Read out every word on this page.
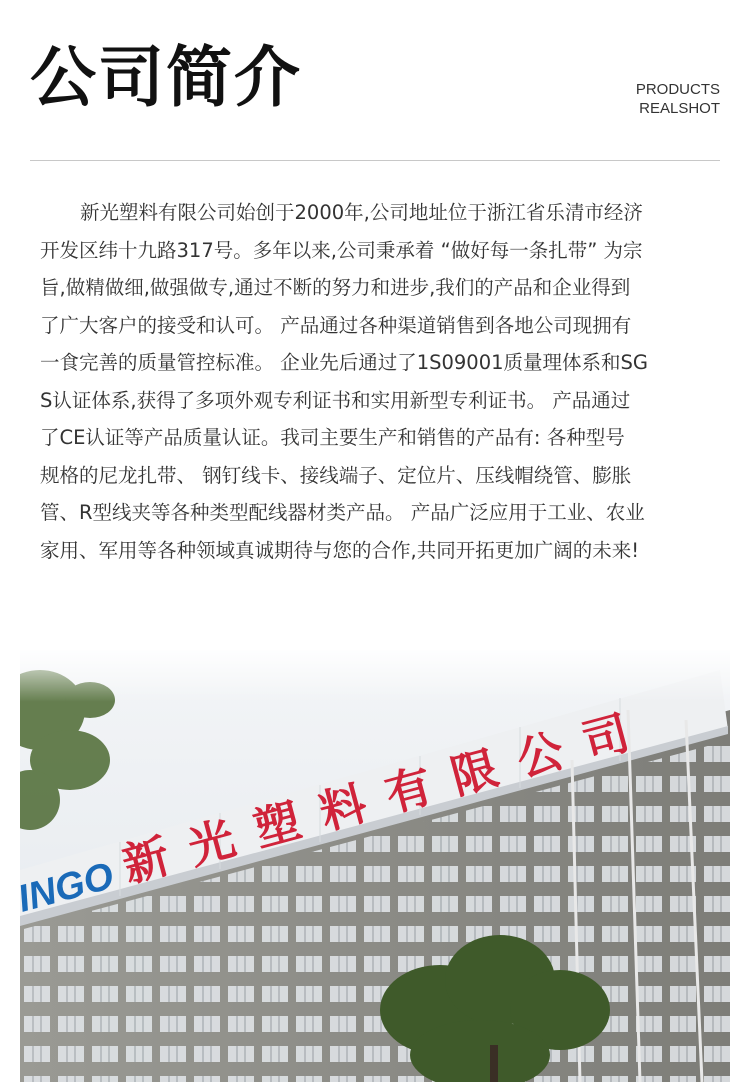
公司简介	PRODUCTS
REALSHOT
新光塑料有限公司始创于2000年,公司地址位于浙江省乐清市经济
开发区纬十九路317号。多年以来,公司秉承着 “做好每一条扎带” 为宗
旨,做精做细,做强做专,通过不断的努力和进步,我们的产品和企业得到
了广大客户的接受和认可。 产品通过各种渠道销售到各地公司现拥有
一食完善的质量管控标准。 企业先后通过了1S09001质量理体系和SG
S认证体系,获得了多项外观专利证书和实用新型专利证书。 产品通过
了CE认证等产品质量认证。我司主要生产和销售的产品有: 各种型号
规格的尼龙扎带、 钢钉线卡、接线端子、定位片、压线帽绕管、膨胀
管、R型线夹等各种类型配线器材类产品。 产品广泛应用于工业、农业
家用、军用等各种领域真诚期待与您的合作,共同开拓更加广阔的未来!
